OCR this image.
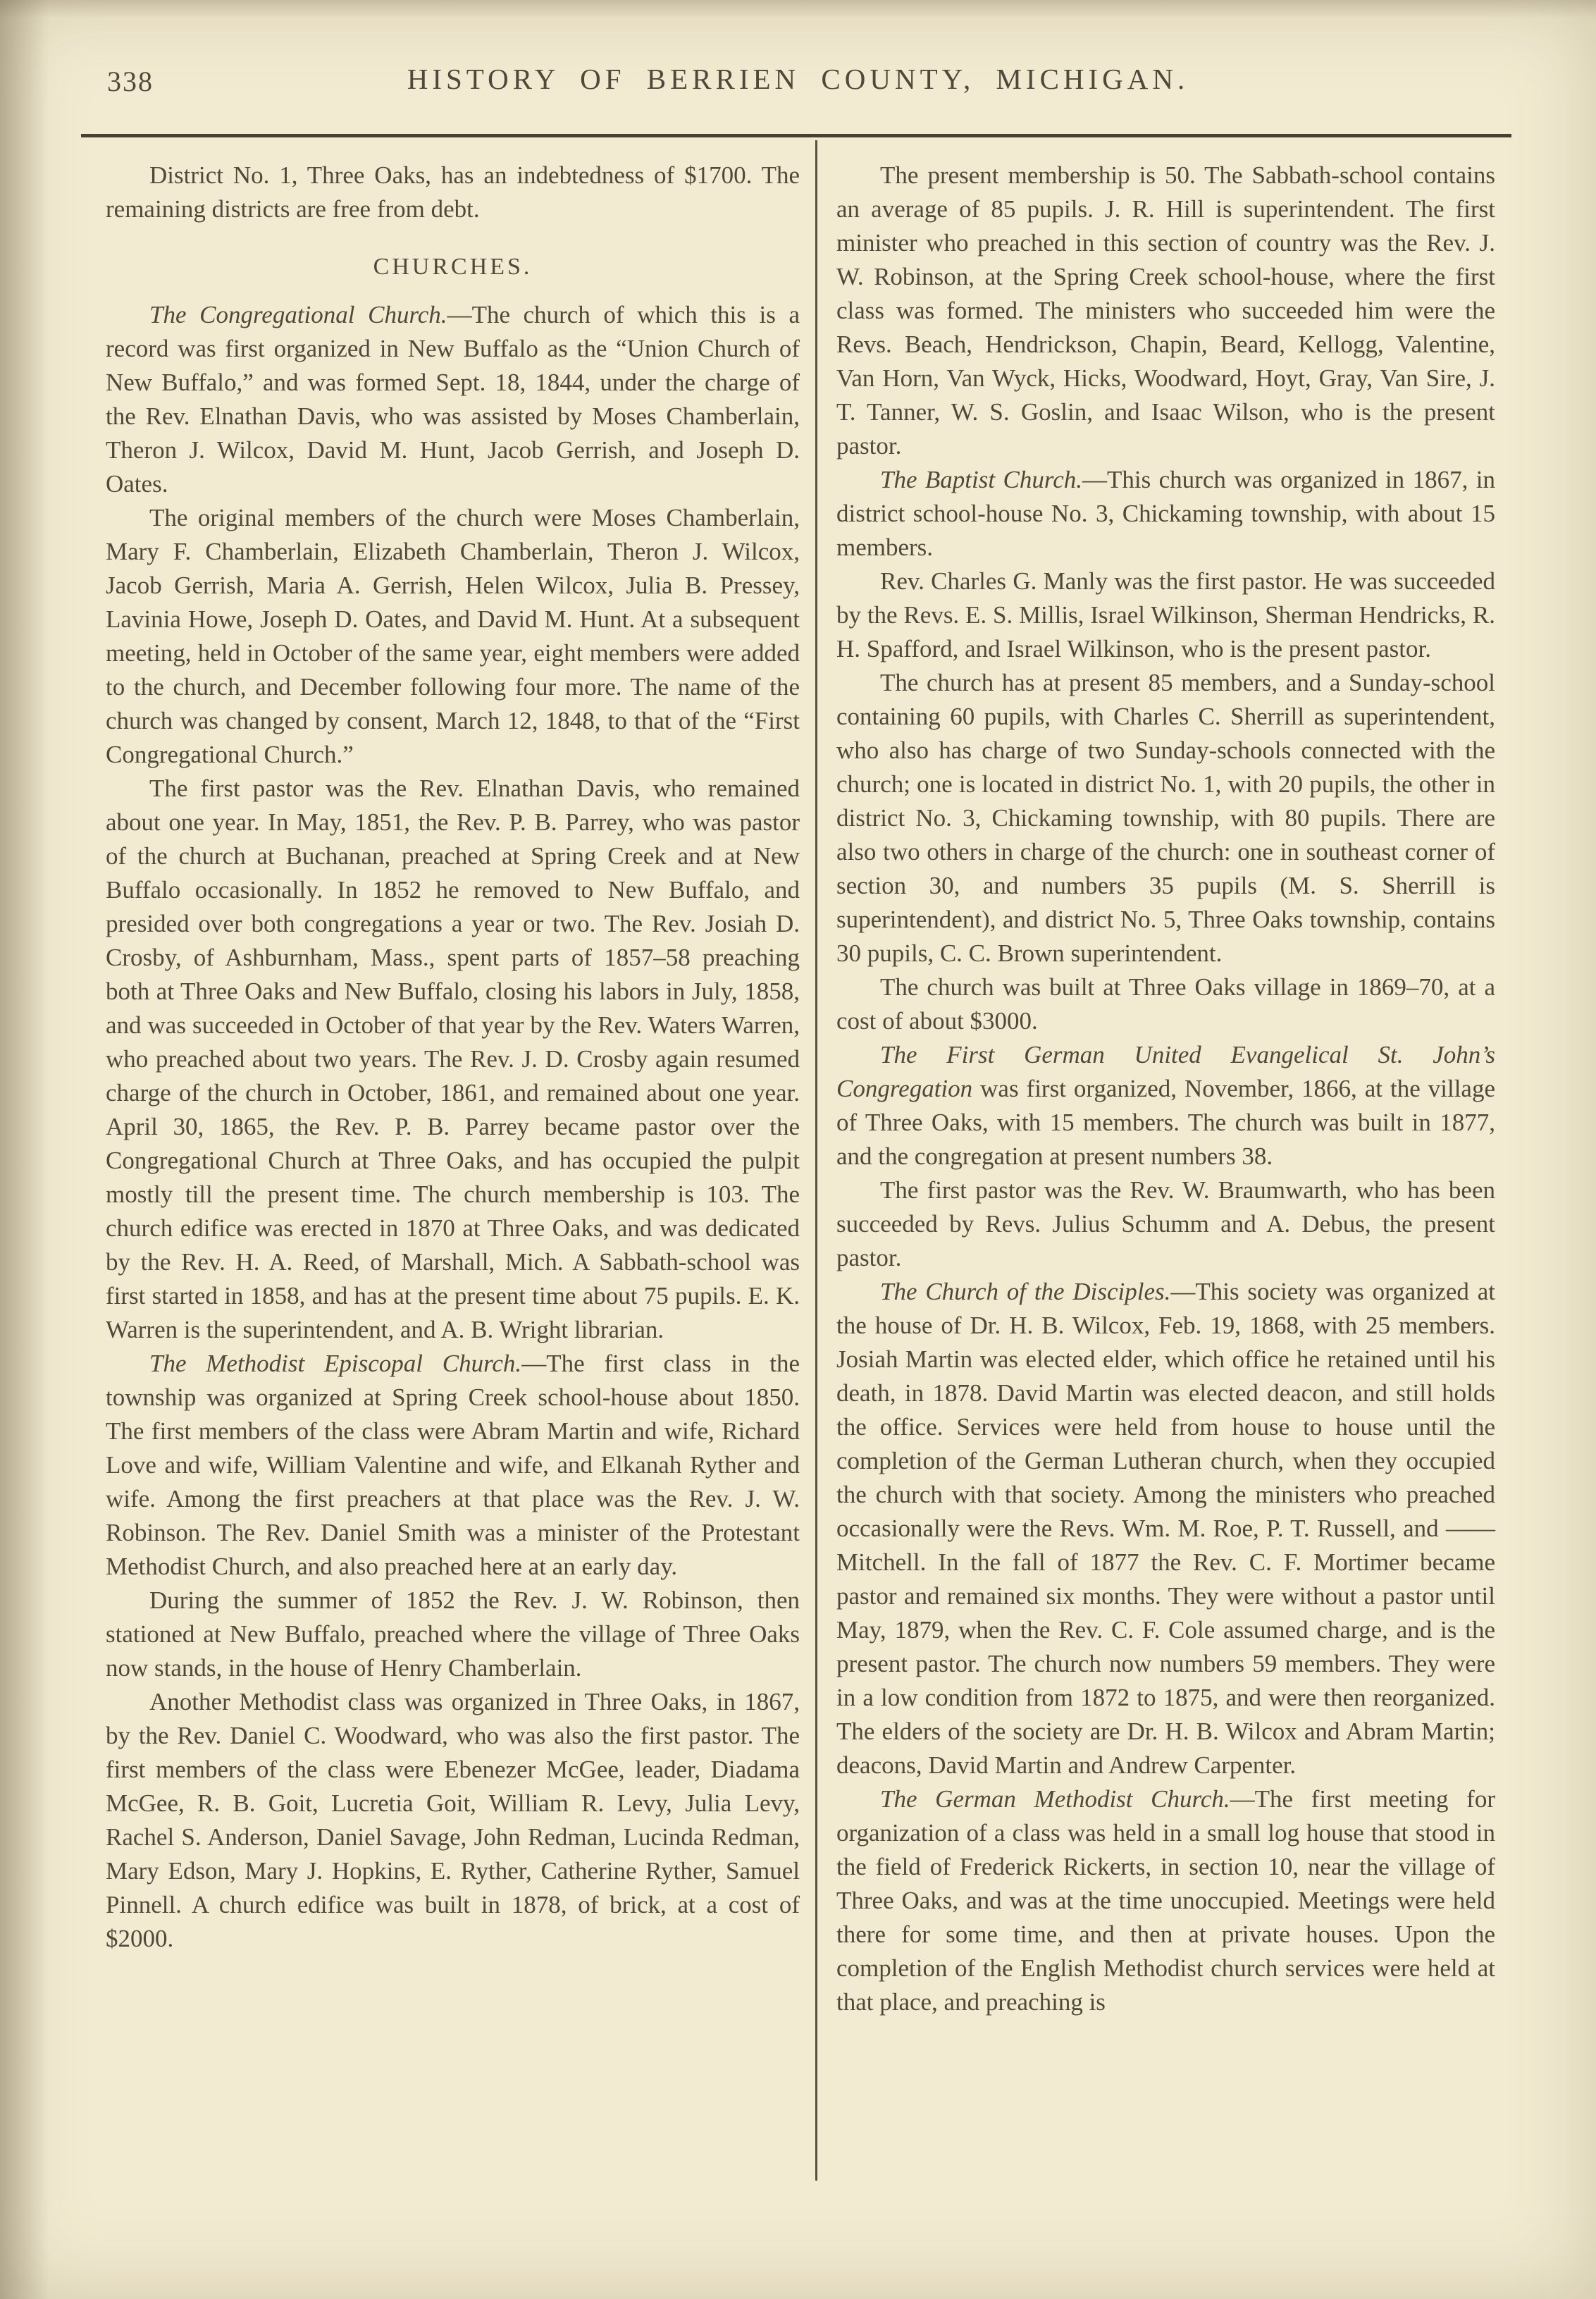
338	HISTORY OF BERRIEN COUNTY, MICHIGAN.

District No. 1, Three Oaks, has an indebtedness of $1700. The remaining districts are free from debt.

CHURCHES.

The Congregational Church.—The church of which this is a record was first organized in New Buffalo as the “Union Church of New Buffalo,” and was formed Sept. 18, 1844, under the charge of the Rev. Elnathan Davis, who was assisted by Moses Chamberlain, Theron J. Wilcox, David M. Hunt, Jacob Gerrish, and Joseph D. Oates.

The original members of the church were Moses Chamberlain, Mary F. Chamberlain, Elizabeth Chamberlain, Theron J. Wilcox, Jacob Gerrish, Maria A. Gerrish, Helen Wilcox, Julia B. Pressey, Lavinia Howe, Joseph D. Oates, and David M. Hunt. At a subsequent meeting, held in October of the same year, eight members were added to the church, and December following four more. The name of the church was changed by consent, March 12, 1848, to that of the “First Congregational Church.”

The first pastor was the Rev. Elnathan Davis, who remained about one year. In May, 1851, the Rev. P. B. Parrey, who was pastor of the church at Buchanan, preached at Spring Creek and at New Buffalo occasionally. In 1852 he removed to New Buffalo, and presided over both congregations a year or two. The Rev. Josiah D. Crosby, of Ashburnham, Mass., spent parts of 1857–58 preaching both at Three Oaks and New Buffalo, closing his labors in July, 1858, and was succeeded in October of that year by the Rev. Waters Warren, who preached about two years. The Rev. J. D. Crosby again resumed charge of the church in October, 1861, and remained about one year. April 30, 1865, the Rev. P. B. Parrey became pastor over the Congregational Church at Three Oaks, and has occupied the pulpit mostly till the present time. The church membership is 103. The church edifice was erected in 1870 at Three Oaks, and was dedicated by the Rev. H. A. Reed, of Marshall, Mich. A Sabbath-school was first started in 1858, and has at the present time about 75 pupils. E. K. Warren is the superintendent, and A. B. Wright librarian.

The Methodist Episcopal Church.—The first class in the township was organized at Spring Creek school-house about 1850. The first members of the class were Abram Martin and wife, Richard Love and wife, William Valentine and wife, and Elkanah Ryther and wife. Among the first preachers at that place was the Rev. J. W. Robinson. The Rev. Daniel Smith was a minister of the Protestant Methodist Church, and also preached here at an early day.

During the summer of 1852 the Rev. J. W. Robinson, then stationed at New Buffalo, preached where the village of Three Oaks now stands, in the house of Henry Chamberlain.

Another Methodist class was organized in Three Oaks, in 1867, by the Rev. Daniel C. Woodward, who was also the first pastor. The first members of the class were Ebenezer McGee, leader, Diadama McGee, R. B. Goit, Lucretia Goit, William R. Levy, Julia Levy, Rachel S. Anderson, Daniel Savage, John Redman, Lucinda Redman, Mary Edson, Mary J. Hopkins, E. Ryther, Catherine Ryther, Samuel Pinnell. A church edifice was built in 1878, of brick, at a cost of $2000.

The present membership is 50. The Sabbath-school contains an average of 85 pupils. J. R. Hill is superintendent. The first minister who preached in this section of country was the Rev. J. W. Robinson, at the Spring Creek school-house, where the first class was formed. The ministers who succeeded him were the Revs. Beach, Hendrickson, Chapin, Beard, Kellogg, Valentine, Van Horn, Van Wyck, Hicks, Woodward, Hoyt, Gray, Van Sire, J. T. Tanner, W. S. Goslin, and Isaac Wilson, who is the present pastor.

The Baptist Church.—This church was organized in 1867, in district school-house No. 3, Chickaming township, with about 15 members.

Rev. Charles G. Manly was the first pastor. He was succeeded by the Revs. E. S. Millis, Israel Wilkinson, Sherman Hendricks, R. H. Spafford, and Israel Wilkinson, who is the present pastor.

The church has at present 85 members, and a Sunday-school containing 60 pupils, with Charles C. Sherrill as superintendent, who also has charge of two Sunday-schools connected with the church; one is located in district No. 1, with 20 pupils, the other in district No. 3, Chickaming township, with 80 pupils. There are also two others in charge of the church: one in southeast corner of section 30, and numbers 35 pupils (M. S. Sherrill is superintendent), and district No. 5, Three Oaks township, contains 30 pupils, C. C. Brown superintendent.

The church was built at Three Oaks village in 1869–70, at a cost of about $3000.

The First German United Evangelical St. John’s Congregation was first organized, November, 1866, at the village of Three Oaks, with 15 members. The church was built in 1877, and the congregation at present numbers 38.

The first pastor was the Rev. W. Braumwarth, who has been succeeded by Revs. Julius Schumm and A. Debus, the present pastor.

The Church of the Disciples.—This society was organized at the house of Dr. H. B. Wilcox, Feb. 19, 1868, with 25 members. Josiah Martin was elected elder, which office he retained until his death, in 1878. David Martin was elected deacon, and still holds the office. Services were held from house to house until the completion of the German Lutheran church, when they occupied the church with that society. Among the ministers who preached occasionally were the Revs. Wm. M. Roe, P. T. Russell, and —— Mitchell. In the fall of 1877 the Rev. C. F. Mortimer became pastor and remained six months. They were without a pastor until May, 1879, when the Rev. C. F. Cole assumed charge, and is the present pastor. The church now numbers 59 members. They were in a low condition from 1872 to 1875, and were then reorganized. The elders of the society are Dr. H. B. Wilcox and Abram Martin; deacons, David Martin and Andrew Carpenter.

The German Methodist Church.—The first meeting for organization of a class was held in a small log house that stood in the field of Frederick Rickerts, in section 10, near the village of Three Oaks, and was at the time unoccupied. Meetings were held there for some time, and then at private houses. Upon the completion of the English Methodist church services were held at that place, and preaching is
